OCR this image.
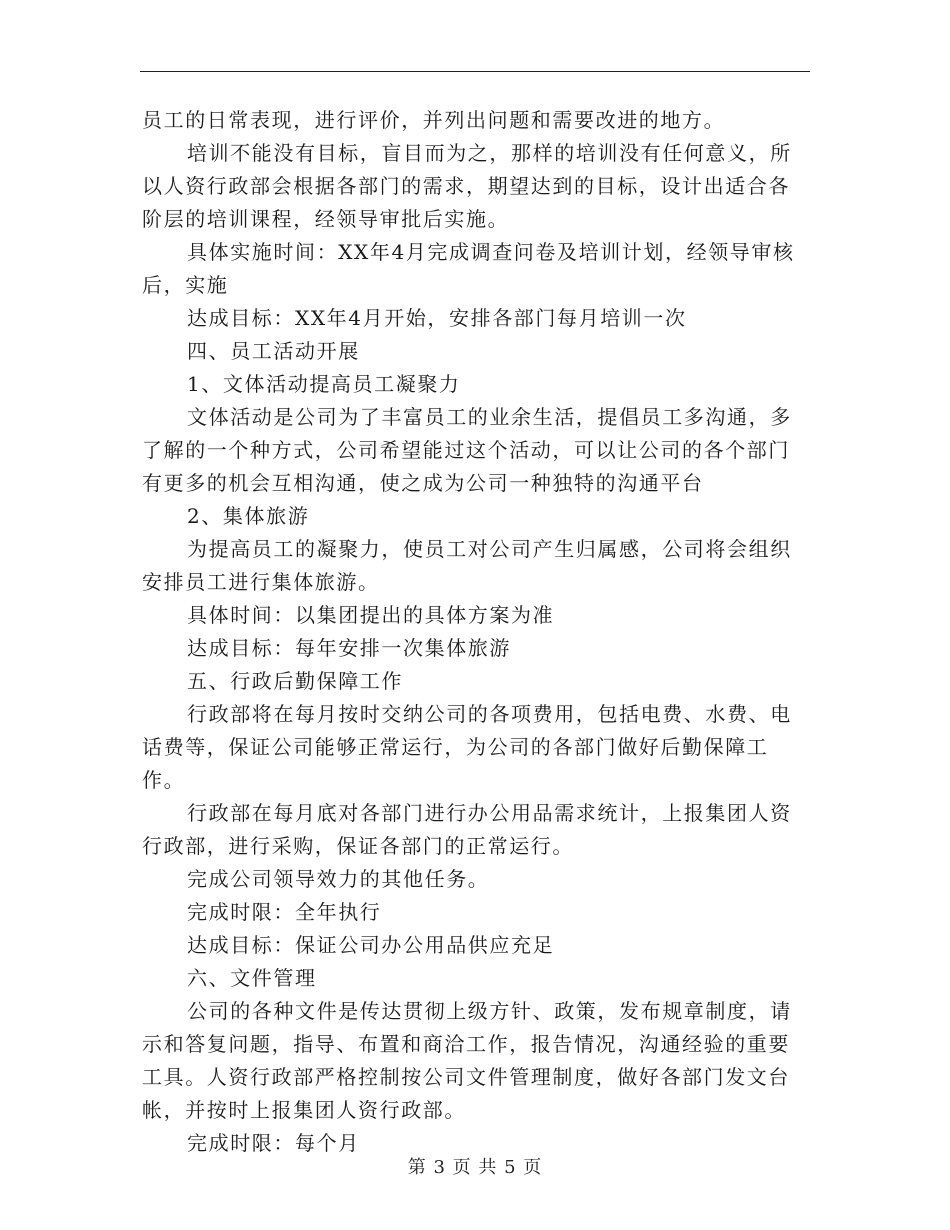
员工的日常表现，进行评价，并列出问题和需要改进的地方。

培训不能没有目标，盲目而为之，那样的培训没有任何意义，所以人资行政部会根据各部门的需求，期望达到的目标，设计出适合各阶层的培训课程，经领导审批后实施。

具体实施时间：XX年4月完成调查问卷及培训计划，经领导审核后，实施

达成目标：XX年4月开始，安排各部门每月培训一次

四、员工活动开展

1、文体活动提高员工凝聚力

文体活动是公司为了丰富员工的业余生活，提倡员工多沟通，多了解的一个种方式，公司希望能过这个活动，可以让公司的各个部门有更多的机会互相沟通，使之成为公司一种独特的沟通平台

2、集体旅游

为提高员工的凝聚力，使员工对公司产生归属感，公司将会组织安排员工进行集体旅游。

具体时间：以集团提出的具体方案为准

达成目标：每年安排一次集体旅游

五、行政后勤保障工作

行政部将在每月按时交纳公司的各项费用，包括电费、水费、电话费等，保证公司能够正常运行，为公司的各部门做好后勤保障工作。

行政部在每月底对各部门进行办公用品需求统计，上报集团人资行政部，进行采购，保证各部门的正常运行。

完成公司领导效力的其他任务。

完成时限：全年执行

达成目标：保证公司办公用品供应充足

六、文件管理

公司的各种文件是传达贯彻上级方针、政策，发布规章制度，请示和答复问题，指导、布置和商洽工作，报告情况，沟通经验的重要工具。人资行政部严格控制按公司文件管理制度，做好各部门发文台帐，并按时上报集团人资行政部。

完成时限：每个月

第 3 页 共 5 页
